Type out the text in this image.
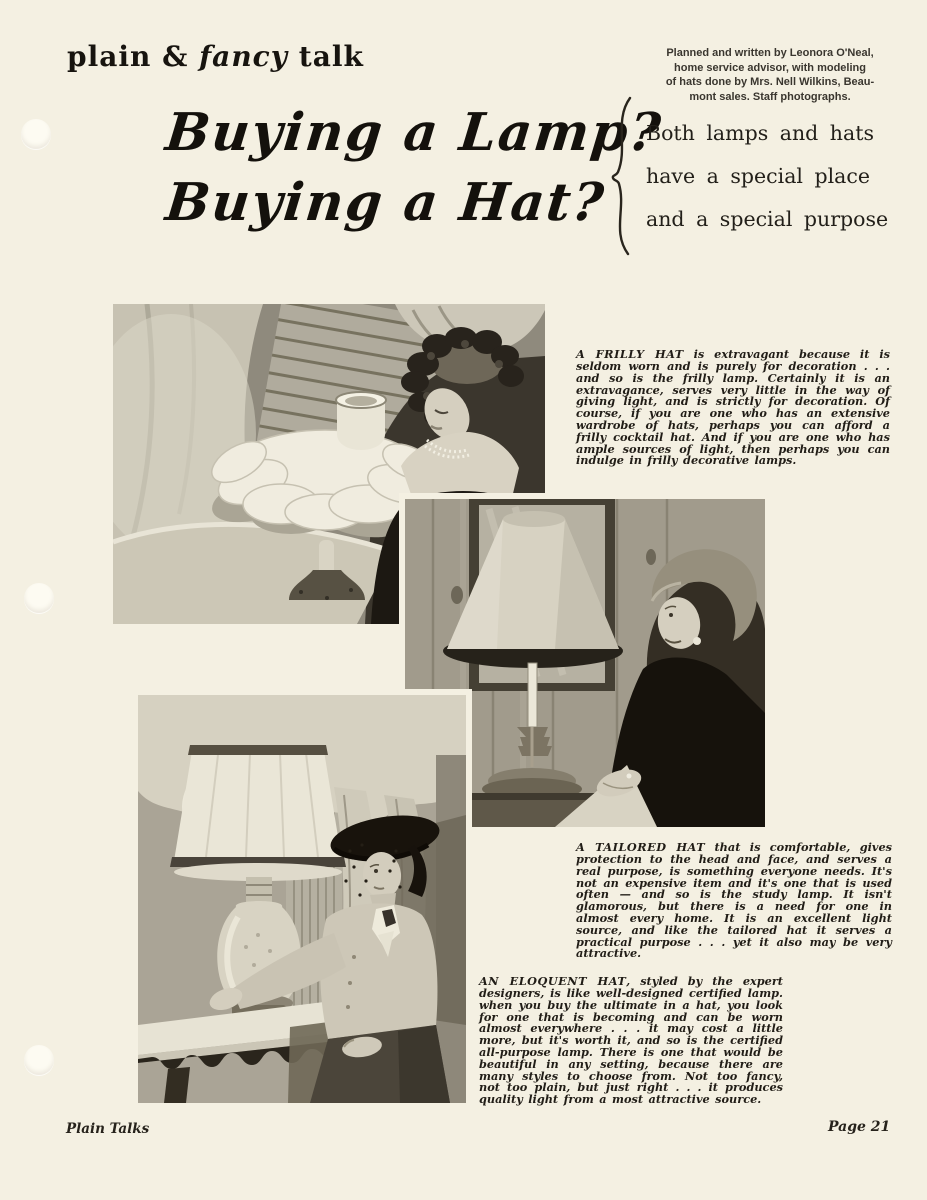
plain & fancy talk	Planned and written by Leonora O'Neal,
home service advisor, with modeling
of hats done by Mrs. Nell Wilkins, Beau-
mont sales. Staff photographs.
Buying a Lamp?
Buying a Hat?
Both lamps and hats
have a special place
and a special purpose

A FRILLY HAT is extravagant because it is seldom worn and is purely for decoration . . . and so is the frilly lamp. Certainly it is an extravagance, serves very little in the way of giving light, and is strictly for decoration. Of course, if you are one who has an extensive wardrobe of hats, perhaps you can afford a frilly cocktail hat. And if you are one who has ample sources of light, then perhaps you can indulge in frilly decorative lamps.

A TAILORED HAT that is comfortable, gives protection to the head and face, and serves a real purpose, is something everyone needs. It's not an expensive item and it's one that is used often — and so is the study lamp. It isn't glamorous, but there is a need for one in almost every home. It is an excellent light source, and like the tailored hat it serves a practical purpose . . . yet it also may be very attractive.

AN ELOQUENT HAT, styled by the expert designers, is like well-designed certified lamp. when you buy the ultimate in a hat, you look for one that is becoming and can be worn almost everywhere . . . it may cost a little more, but it's worth it, and so is the certified all-purpose lamp. There is one that would be beautiful in any setting, because there are many styles to choose from. Not too fancy, not too plain, but just right . . . it produces quality light from a most attractive source.

Plain Talks	Page 21
